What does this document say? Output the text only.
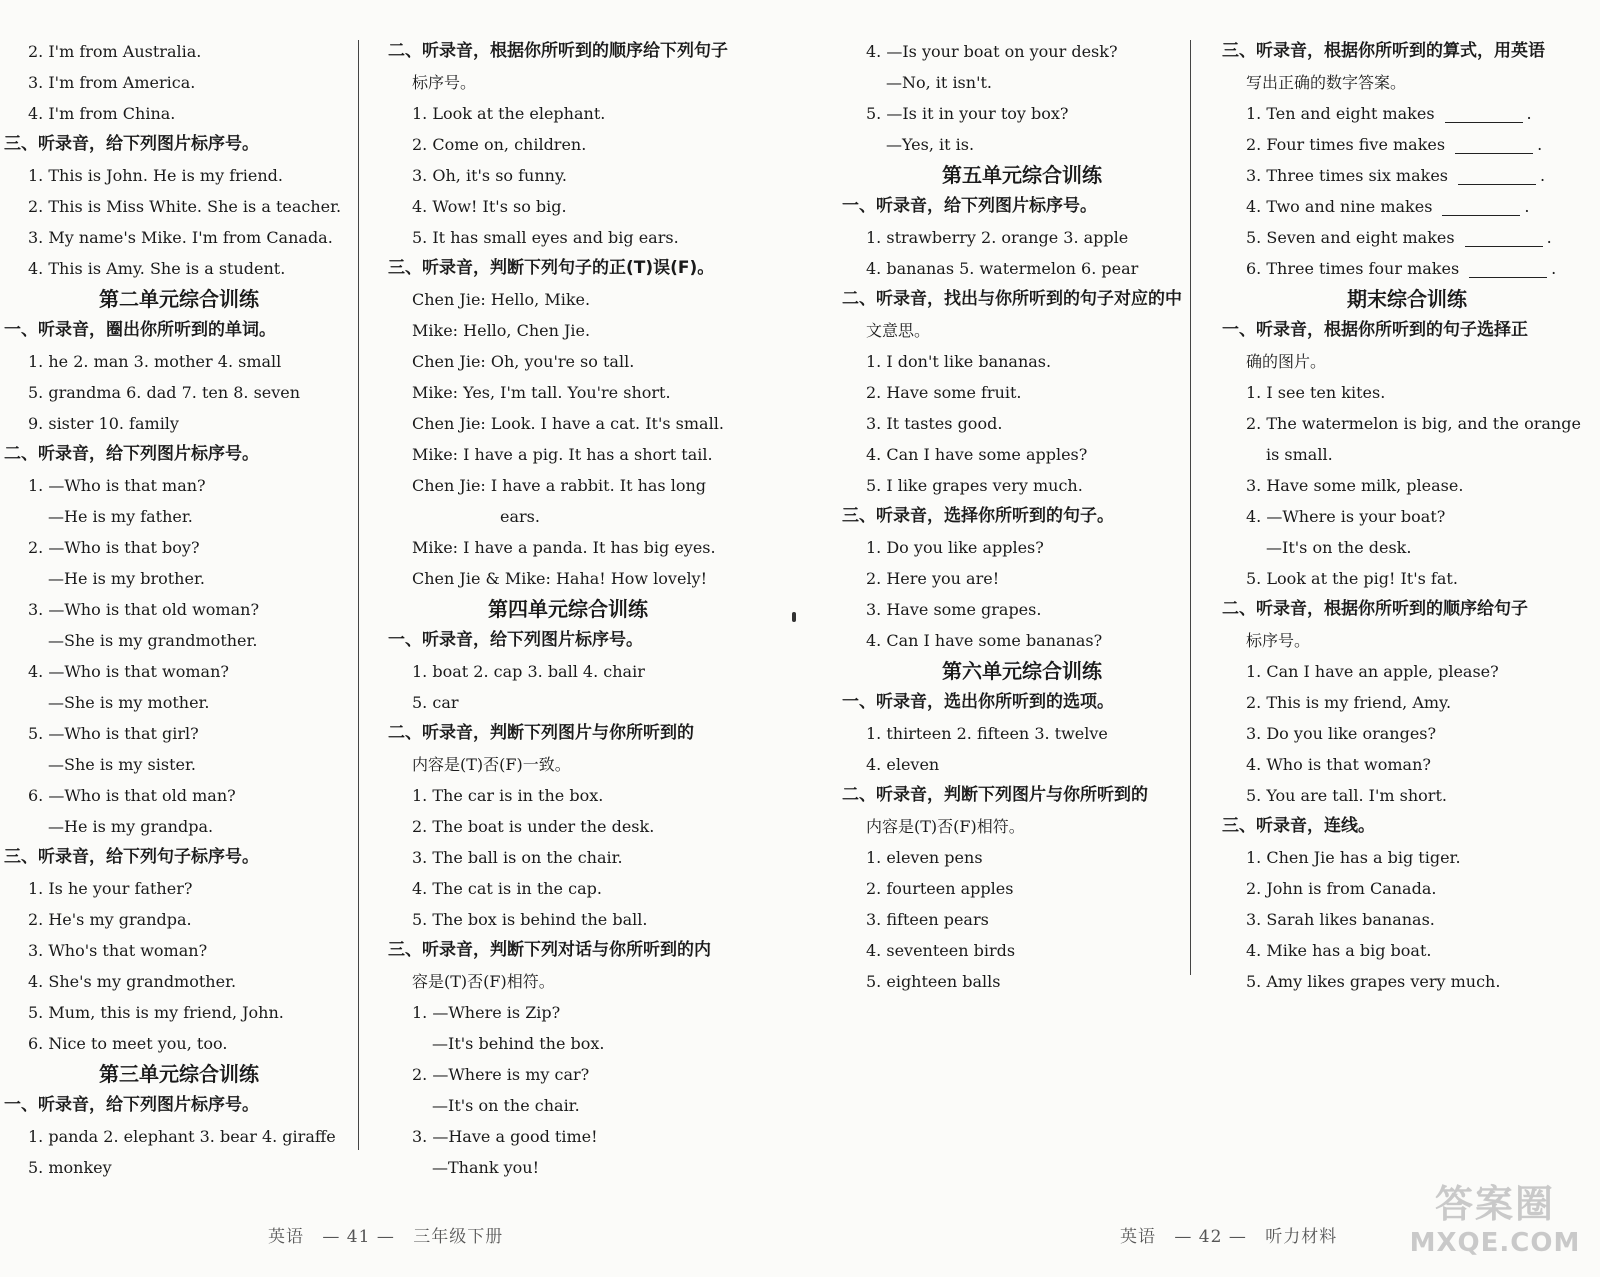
2. I'm from Australia.
3. I'm from America.
4. I'm from China.
三、听录音，给下列图片标序号。
1. This is John. He is my friend.
2. This is Miss White. She is a teacher.
3. My name's Mike. I'm from Canada.
4. This is Amy. She is a student.
第二单元综合训练
一、听录音，圈出你所听到的单词。
1. he 2. man 3. mother 4. small
5. grandma 6. dad 7. ten 8. seven
9. sister 10. family
二、听录音，给下列图片标序号。
1. —Who is that man?
—He is my father.
2. —Who is that boy?
—He is my brother.
3. —Who is that old woman?
—She is my grandmother.
4. —Who is that woman?
—She is my mother.
5. —Who is that girl?
—She is my sister.
6. —Who is that old man?
—He is my grandpa.
三、听录音，给下列句子标序号。
1. Is he your father?
2. He's my grandpa.
3. Who's that woman?
4. She's my grandmother.
5. Mum, this is my friend, John.
6. Nice to meet you, too.
第三单元综合训练
一、听录音，给下列图片标序号。
1. panda 2. elephant 3. bear 4. giraffe
5. monkey
二、听录音，根据你所听到的顺序给下列句子
标序号。
1. Look at the elephant.
2. Come on, children.
3. Oh, it's so funny.
4. Wow! It's so big.
5. It has small eyes and big ears.
三、听录音，判断下列句子的正(T)误(F)。
Chen Jie: Hello, Mike.
Mike: Hello, Chen Jie.
Chen Jie: Oh, you're so tall.
Mike: Yes, I'm tall. You're short.
Chen Jie: Look. I have a cat. It's small.
Mike: I have a pig. It has a short tail.
Chen Jie: I have a rabbit. It has long
ears.
Mike: I have a panda. It has big eyes.
Chen Jie & Mike: Haha! How lovely!
第四单元综合训练
一、听录音，给下列图片标序号。
1. boat 2. cap 3. ball 4. chair
5. car
二、听录音，判断下列图片与你所听到的
内容是(T)否(F)一致。
1. The car is in the box.
2. The boat is under the desk.
3. The ball is on the chair.
4. The cat is in the cap.
5. The box is behind the ball.
三、听录音，判断下列对话与你所听到的内
容是(T)否(F)相符。
1. —Where is Zip?
—It's behind the box.
2. —Where is my car?
—It's on the chair.
3. —Have a good time!
—Thank you!
4. —Is your boat on your desk?
—No, it isn't.
5. —Is it in your toy box?
—Yes, it is.
第五单元综合训练
一、听录音，给下列图片标序号。
1. strawberry 2. orange 3. apple
4. bananas 5. watermelon 6. pear
二、听录音，找出与你所听到的句子对应的中
文意思。
1. I don't like bananas.
2. Have some fruit.
3. It tastes good.
4. Can I have some apples?
5. I like grapes very much.
三、听录音，选择你所听到的句子。
1. Do you like apples?
2. Here you are!
3. Have some grapes.
4. Can I have some bananas?
第六单元综合训练
一、听录音，选出你所听到的选项。
1. thirteen 2. fifteen 3. twelve
4. eleven
二、听录音，判断下列图片与你所听到的
内容是(T)否(F)相符。
1. eleven pens
2. fourteen apples
3. fifteen pears
4. seventeen birds
5. eighteen balls
三、听录音，根据你所听到的算式，用英语
写出正确的数字答案。
1. Ten and eight makes	.
2. Four times five makes	.
3. Three times six makes	.
4. Two and nine makes	.
5. Seven and eight makes	.
6. Three times four makes	.
期末综合训练
一、听录音，根据你所听到的句子选择正
确的图片。
1. I see ten kites.
2. The watermelon is big, and the orange
is small.
3. Have some milk, please.
4. —Where is your boat?
—It's on the desk.
5. Look at the pig! It's fat.
二、听录音，根据你所听到的顺序给句子
标序号。
1. Can I have an apple, please?
2. This is my friend, Amy.
3. Do you like oranges?
4. Who is that woman?
5. You are tall. I'm short.
三、听录音，连线。
1. Chen Jie has a big tiger.
2. John is from Canada.
3. Sarah likes bananas.
4. Mike has a big boat.
5. Amy likes grapes very much.
英语 — 41 — 三年级下册	英语 — 42 — 听力材料
答案圈
MXQE.COM
